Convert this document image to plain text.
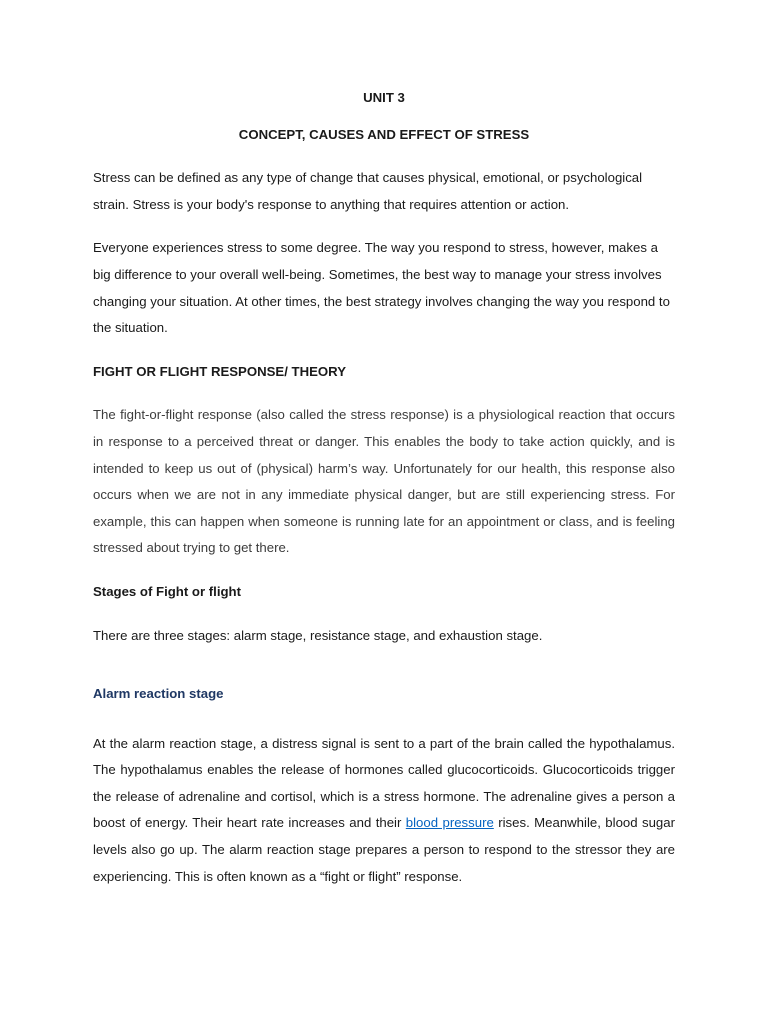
UNIT 3

CONCEPT, CAUSES AND EFFECT OF STRESS

Stress can be defined as any type of change that causes physical, emotional, or psychological strain. Stress is your body's response to anything that requires attention or action.

Everyone experiences stress to some degree. The way you respond to stress, however, makes a big difference to your overall well-being. Sometimes, the best way to manage your stress involves changing your situation. At other times, the best strategy involves changing the way you respond to the situation.

FIGHT OR FLIGHT RESPONSE/ THEORY

The fight-or-flight response (also called the stress response) is a physiological reaction that occurs in response to a perceived threat or danger. This enables the body to take action quickly, and is intended to keep us out of (physical) harm’s way. Unfortunately for our health, this response also occurs when we are not in any immediate physical danger, but are still experiencing stress. For example, this can happen when someone is running late for an appointment or class, and is feeling stressed about trying to get there.

Stages of Fight or flight

There are three stages: alarm stage, resistance stage, and exhaustion stage.

Alarm reaction stage

At the alarm reaction stage, a distress signal is sent to a part of the brain called the hypothalamus. The hypothalamus enables the release of hormones called glucocorticoids. Glucocorticoids trigger the release of adrenaline and cortisol, which is a stress hormone. The adrenaline gives a person a boost of energy. Their heart rate increases and their blood pressure rises. Meanwhile, blood sugar levels also go up. The alarm reaction stage prepares a person to respond to the stressor they are experiencing. This is often known as a “fight or flight” response.
